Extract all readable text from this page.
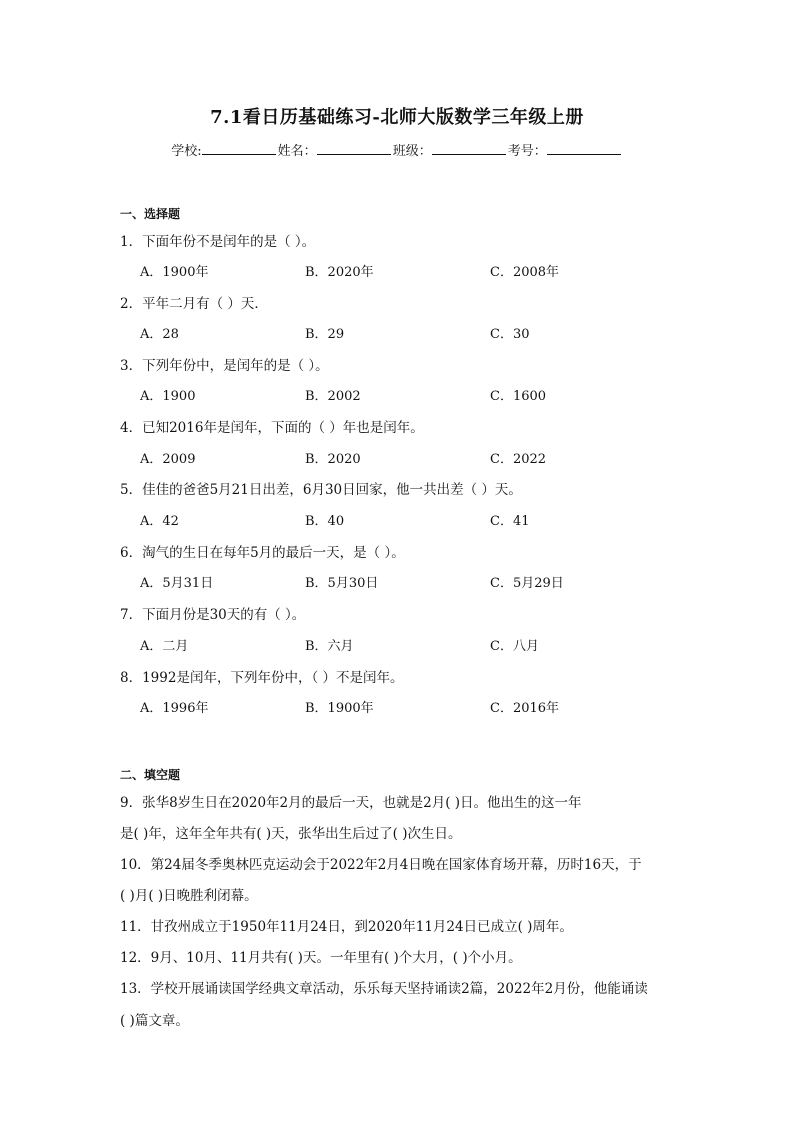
7.1看日历基础练习-北师大版数学三年级上册
学校:	姓名：	班级：	考号：
一、选择题
1．下面年份不是闰年的是（ ）。
A．1900年	B．2020年	C．2008年
2．平年二月有（ ）天．
A．28	B．29	C．30
3．下列年份中，是闰年的是（ ）。
A．1900	B．2002	C．1600
4．已知2016年是闰年，下面的（ ）年也是闰年。
A．2009	B．2020	C．2022
5．佳佳的爸爸5月21日出差，6月30日回家，他一共出差（ ）天。
A．42	B．40	C．41
6．淘气的生日在每年5月的最后一天，是（ ）。
A．5月31日	B．5月30日	C．5月29日
7．下面月份是30天的有（ ）。
A．二月	B．六月	C．八月
8．1992是闰年，下列年份中，（ ）不是闰年。
A．1996年	B．1900年	C．2016年
二、填空题
9．张华8岁生日在2020年2月的最后一天，也就是2月( )日。他出生的这一年
是( )年，这年全年共有( )天，张华出生后过了( )次生日。
10．第24届冬季奥林匹克运动会于2022年2月4日晚在国家体育场开幕，历时16天，于
( )月( )日晚胜利闭幕。
11．甘孜州成立于1950年11月24日，到2020年11月24日已成立( )周年。
12．9月、10月、11月共有( )天。一年里有( )个大月，( )个小月。
13．学校开展诵读国学经典文章活动，乐乐每天坚持诵读2篇，2022年2月份，他能诵读
( )篇文章。
